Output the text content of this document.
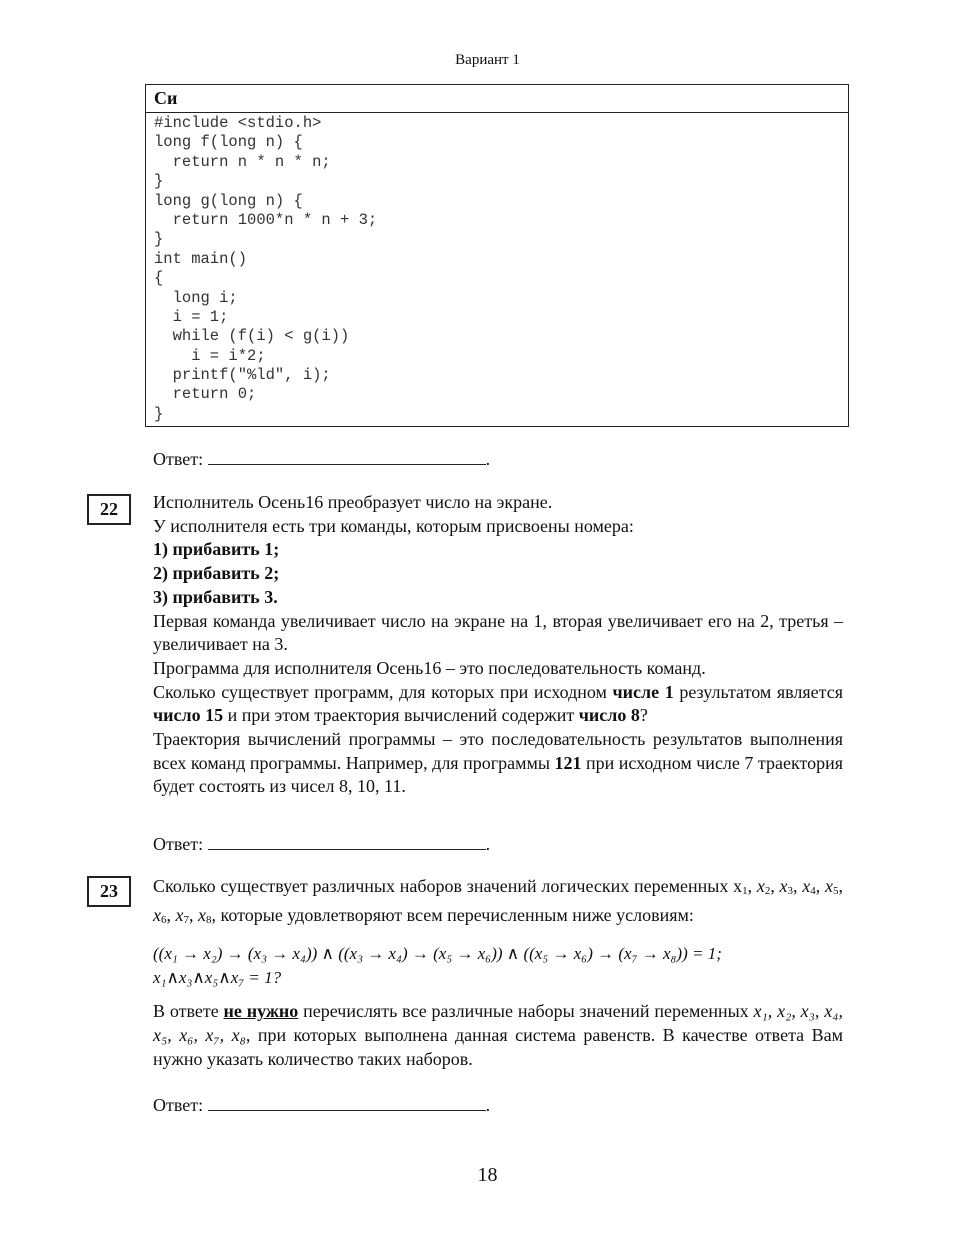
Вариант 1
Си
#include <stdio.h>
long f(long n) {
return n * n * n;
}
long g(long n) {
return 1000*n * n + 3;
}
int main()
{
long i;
i = 1;
while (f(i) < g(i))
i = i*2;
printf("%ld", i);
return 0;
}
Ответ:	.
22	Исполнитель Осень16 преобразует число на экране.
У исполнителя есть три команды, которым присвоены номера:
1) прибавить 1;
2) прибавить 2;
3) прибавить 3.
Первая команда увеличивает число на экране на 1, вторая увеличивает его на 2, третья – увеличивает на 3.
Программа для исполнителя Осень16 – это последовательность команд.
Сколько существует программ, для которых при исходном числе 1 результатом является число 15 и при этом траектория вычислений содержит число 8?
Траектория вычислений программы – это последовательность результатов выполнения всех команд программы. Например, для программы 121 при исходном числе 7 траектория будет состоять из чисел 8, 10, 11.
Ответ:	.
23	Сколько существует различных наборов значений логических переменных $x_1$, $x_2$, $x_3$, $x_4$, $x_5$, $x_6$, $x_7$, $x_8$, которые удовлетворяют всем перечисленным ниже условиям:
((x₁ → x₂) → (x₃ → x₄)) ∧ ((x₃ → x₄) → (x₅ → x₆)) ∧ ((x₅ → x₆) → (x₇ → x₈)) = 1;
x₁∧x₃∧x₅∧x₇ = 1?
В ответе не нужно перечислять все различные наборы значений переменных x₁, x₂, x₃, x₄, x₅, x₆, x₇, x₈, при которых выполнена данная система равенств. В качестве ответа Вам нужно указать количество таких наборов.
Ответ:	.
18
